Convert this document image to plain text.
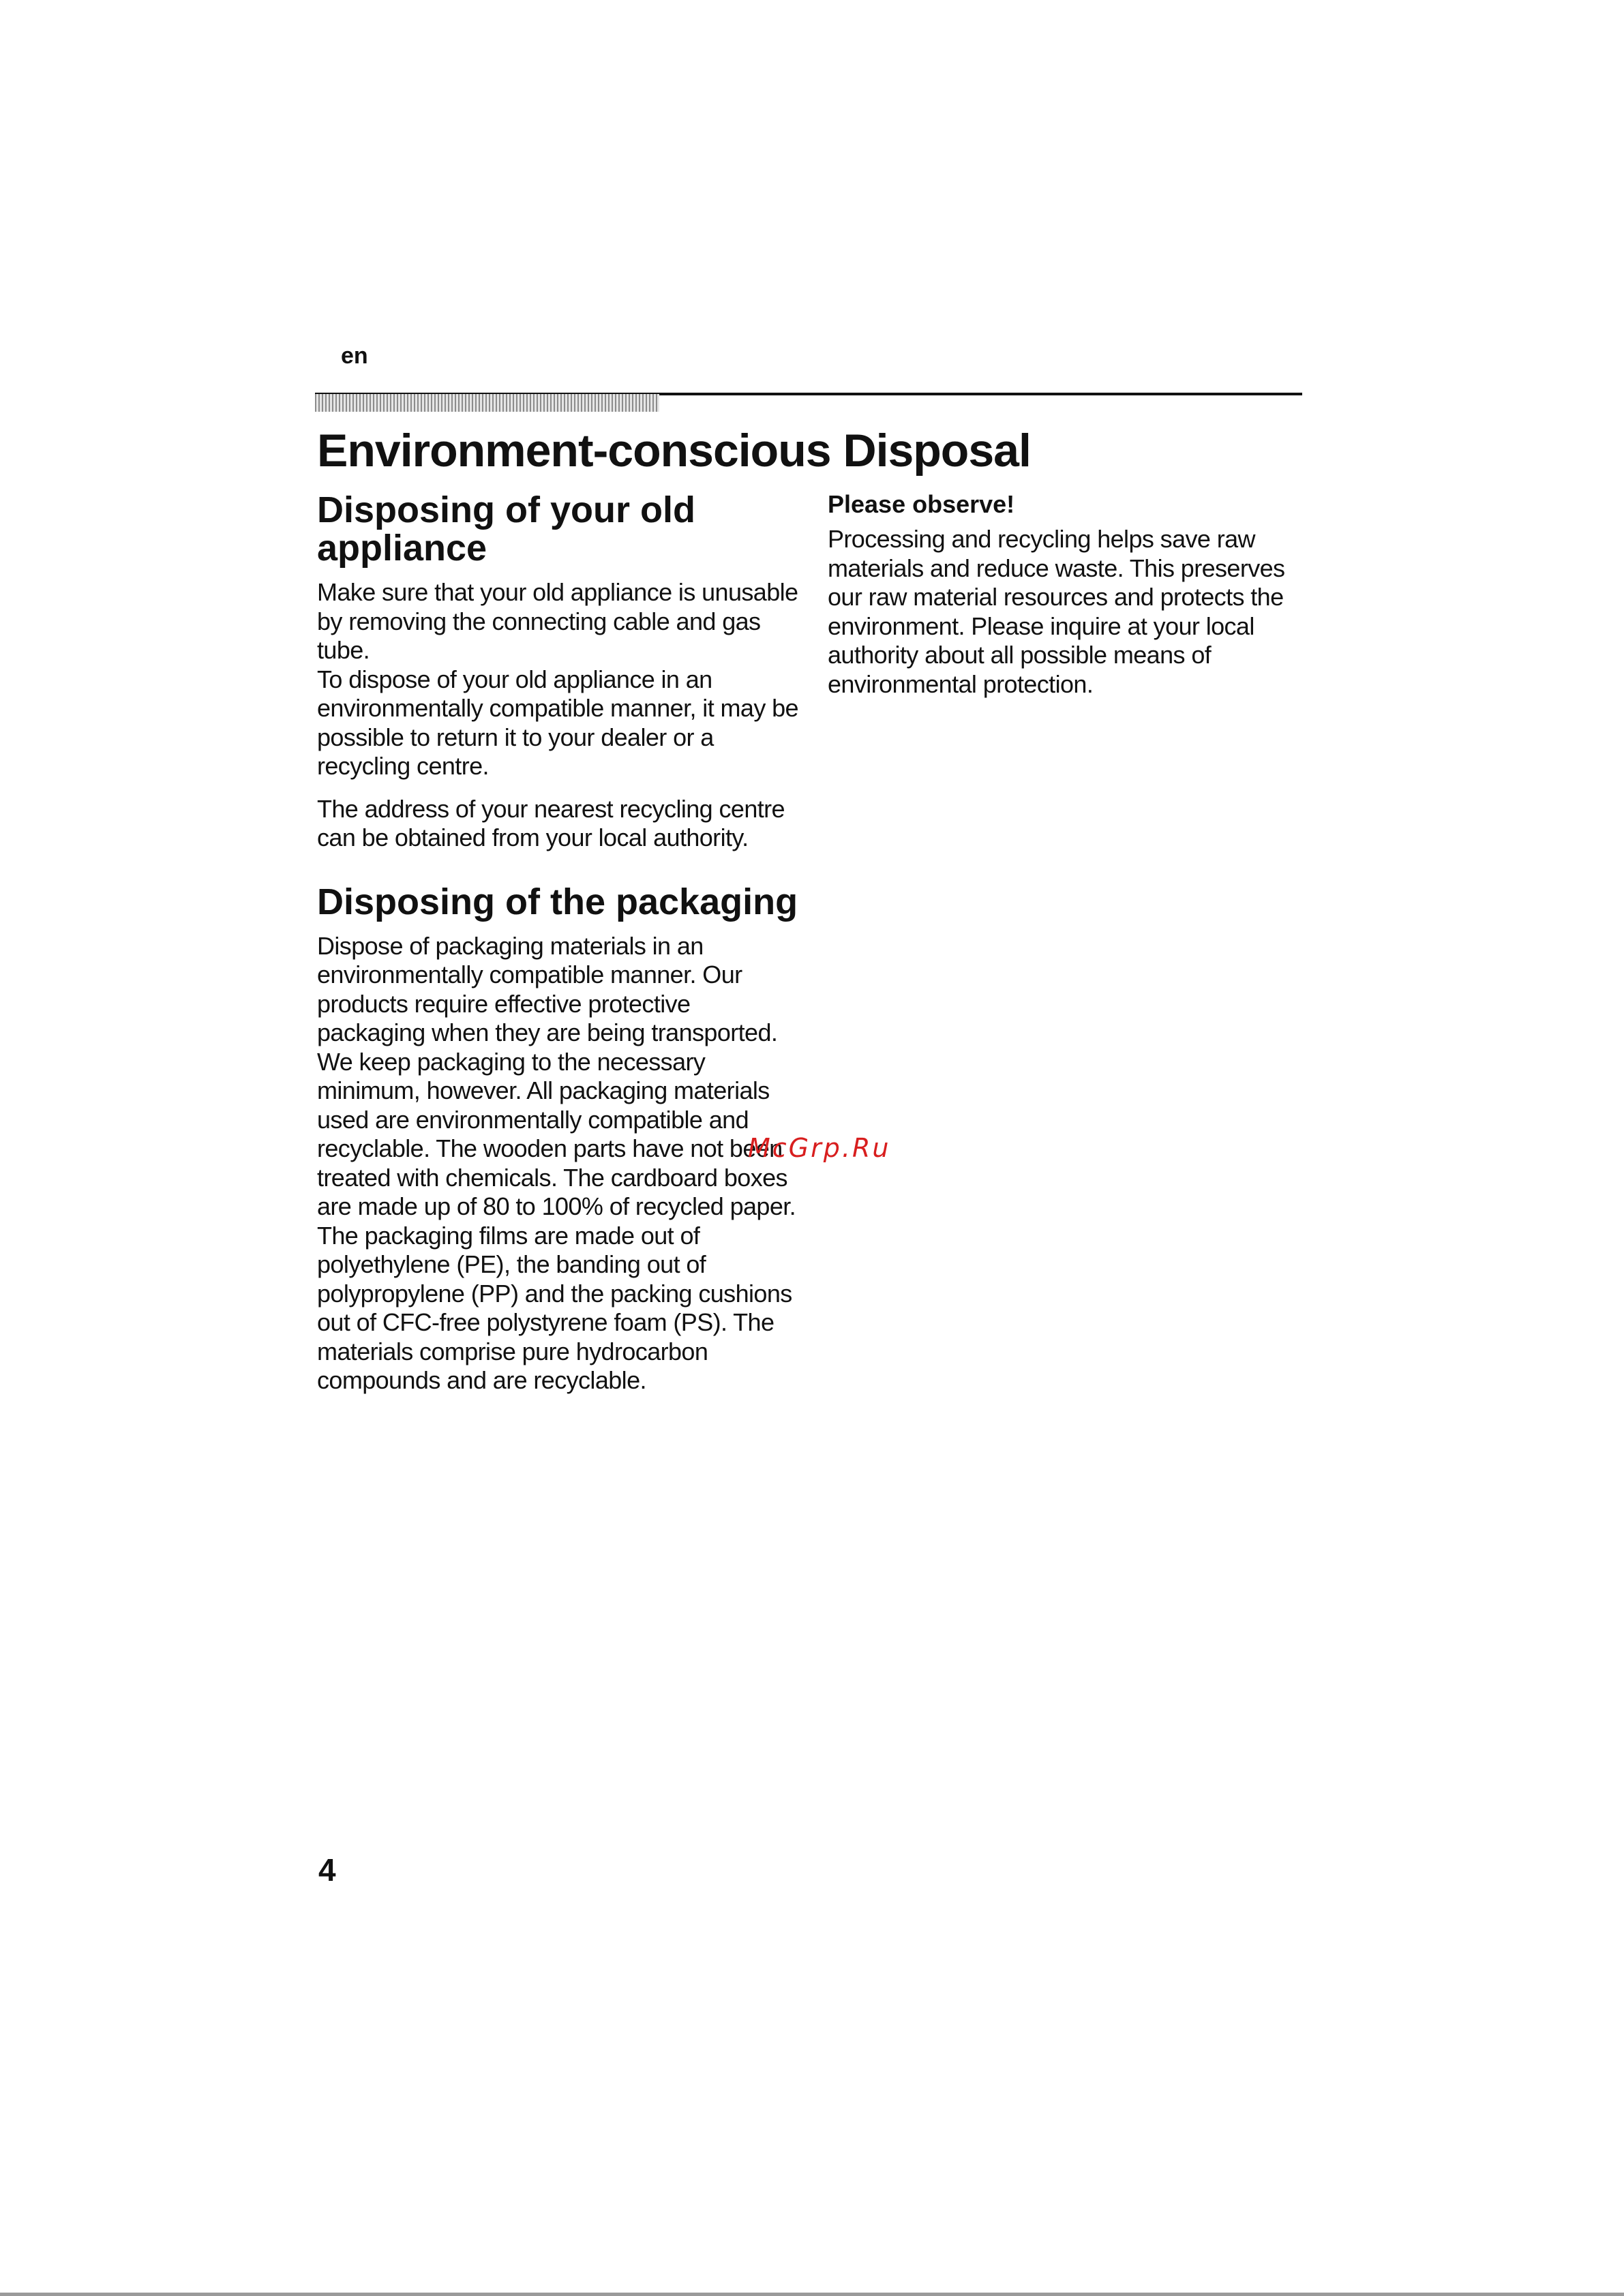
en
Environment-conscious Disposal
Disposing of your old
appliance

Make sure that your old appliance is unusable by removing the connecting cable and gas tube.

To dispose of your old appliance in an environmentally compatible manner, it may be possible to return it to your dealer or a recycling centre.

The address of your nearest recycling centre can be obtained from your local authority.

Disposing of the packaging

Dispose of packaging materials in an environmentally compatible manner. Our products require effective protective packaging when they are being transported. We keep packaging to the necessary minimum, however. All packaging materials used are environmentally compatible and recyclable. The wooden parts have not been treated with chemicals. The cardboard boxes are made up of 80 to 100% of recycled paper. The packaging films are made out of polyethylene (PE), the banding out of polypropylene (PP) and the packing cushions out of CFC-free polystyrene foam (PS). The materials comprise pure hydrocarbon compounds and are recyclable.

Please observe!

Processing and recycling helps save raw materials and reduce waste. This preserves our raw material resources and protects the environment. Please inquire at your local authority about all possible means of environmental protection.

McGrp.Ru
4
